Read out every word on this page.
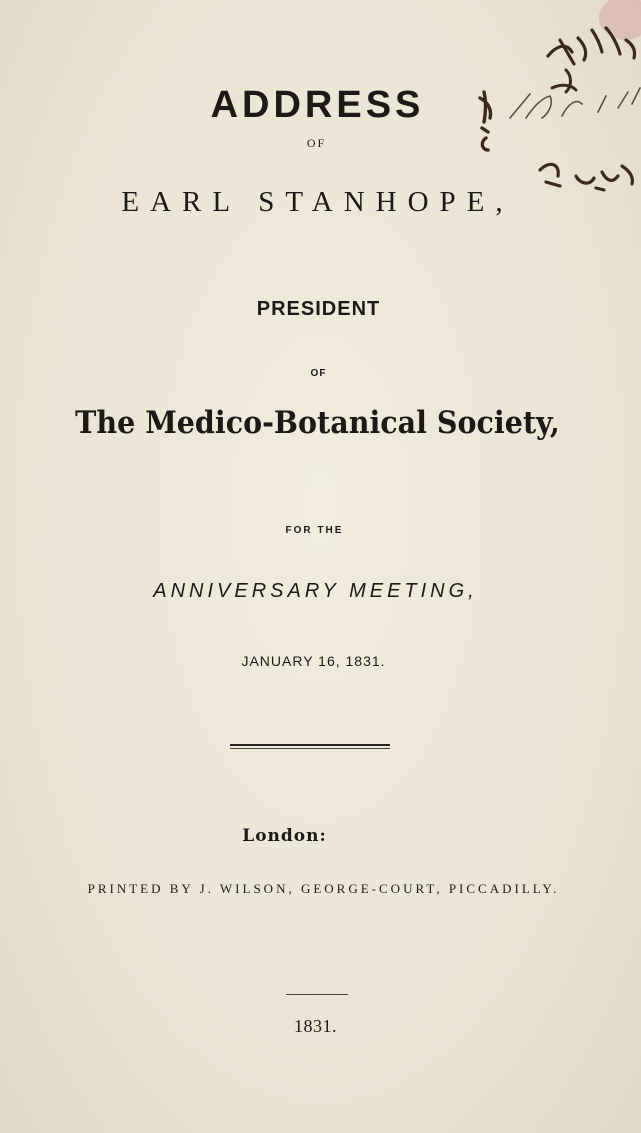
ADDRESS
OF
EARL STANHOPE,
PRESIDENT
OF
The Medico-Botanical Society,
FOR THE
ANNIVERSARY MEETING,
JANUARY 16, 1831.
London:
PRINTED BY J. WILSON, GEORGE-COURT, PICCADILLY.
1831.
